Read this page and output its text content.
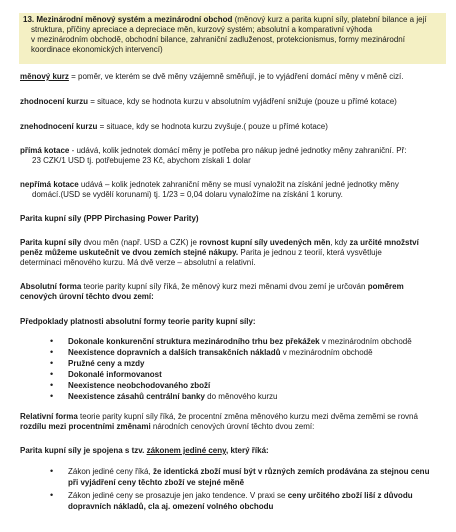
13. Mezinárodní měnový systém a mezinárodní obchod (měnový kurz a parita kupní síly, platební bilance a její

struktura, příčiny apreciace a depreciace měn, kurzový systém; absolutní a komparativní výhoda

v mezinárodním obchodě, obchodní bilance, zahraniční zadluženost, protekcionismus, formy mezinárodní

koordinace ekonomických intervencí)

měnový kurz = poměr, ve kterém se dvě měny vzájemně směňují, je to vyjádření domácí měny v měně cizí.

zhodnocení kurzu = situace, kdy se hodnota kurzu v absolutním vyjádření snižuje (pouze u přímé kotace)

znehodnocení kurzu = situace, kdy se hodnota kurzu zvyšuje.( pouze u přímé kotace)

přímá kotace - udává, kolik jednotek domácí měny je potřeba pro nákup jedné jednotky měny zahraniční. Př:
23 CZK/1 USD tj. potřebujeme 23 Kč, abychom získali 1 dolar
nepřímá kotace udává – kolik jednotek zahraniční měny se musí vynaložit na získání jedné jednotky měny
domácí.(USD se vydělí korunami) tj. 1/23 = 0,04 dolaru vynaložíme na získání 1 koruny.

Parita kupní síly (PPP Pirchasing Power Parity)

Parita kupní síly dvou měn (např. USD a CZK) je rovnost kupní síly uvedených měn, kdy za určité množství
peněz můžeme uskutečnit ve dvou zemích stejné nákupy. Parita je jednou z teorií, která vysvětluje
determinaci měnového kurzu. Má dvě verze – absolutní a relativní.
Absolutní forma teorie parity kupní síly říká, že měnový kurz mezi měnami dvou zemí je určován poměrem
cenových úrovní těchto dvou zemí:

Předpoklady platnosti absolutní formy teorie parity kupní síly:

• Dokonale konkurenční struktura mezinárodního trhu bez překážek v mezinárodním obchodě
• Neexistence dopravních a dalších transakčních nákladů v mezinárodním obchodě
• Pružné ceny a mzdy
• Dokonalé informovanost
• Neexistence neobchodovaného zboží
• Neexistence zásahů centrální banky do měnového kurzu
Relativní forma teorie parity kupní síly říká, že procentní změna měnového kurzu mezi dvěma zeměmi se rovná
rozdílu mezi procentními změnami národních cenových úrovní těchto dvou zemí:

Parita kupní síly je spojena s tzv. zákonem jediné ceny, který říká:

• Zákon jediné ceny říká, že identická zboží musí být v různých zemích prodávána za stejnou cenu
při vyjádření ceny těchto zboží ve stejné měně
• Zákon jediné ceny se prosazuje jen jako tendence. V praxi se ceny určitého zboží liší z důvodu
dopravních nákladů, cla aj. omezení volného obchodu
